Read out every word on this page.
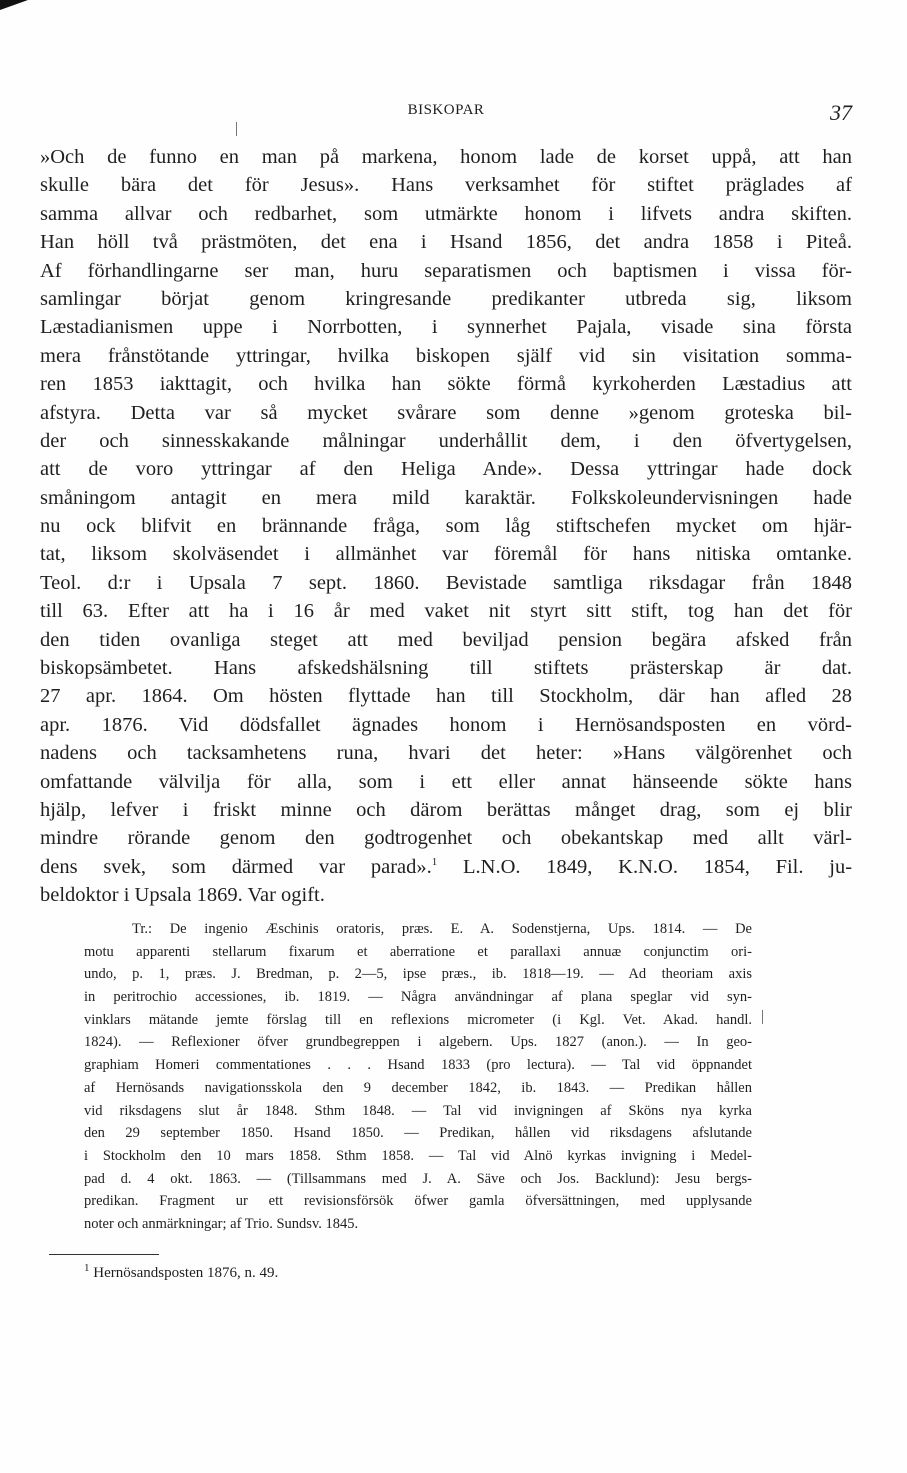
BISKOPAR	37
»Och de funno en man på markena, honom lade de korset uppå, att han
skulle bära det för Jesus». Hans verksamhet för stiftet präglades af
samma allvar och redbarhet, som utmärkte honom i lifvets andra skiften.
Han höll två prästmöten, det ena i Hsand 1856, det andra 1858 i Piteå.
Af förhandlingarne ser man, huru separatismen och baptismen i vissa för-
samlingar börjat genom kringresande predikanter utbreda sig, liksom
Læstadianismen uppe i Norrbotten, i synnerhet Pajala, visade sina första
mera frånstötande yttringar, hvilka biskopen själf vid sin visitation somma-
ren 1853 iakttagit, och hvilka han sökte förmå kyrkoherden Læstadius att
afstyra. Detta var så mycket svårare som denne »genom groteska bil-
der och sinnesskakande målningar underhållit dem, i den öfvertygelsen,
att de voro yttringar af den Heliga Ande». Dessa yttringar hade dock
småningom antagit en mera mild karaktär. Folkskoleundervisningen hade
nu ock blifvit en brännande fråga, som låg stiftschefen mycket om hjär-
tat, liksom skolväsendet i allmänhet var föremål för hans nitiska omtanke.
Teol. d:r i Upsala 7 sept. 1860. Bevistade samtliga riksdagar från 1848
till 63. Efter att ha i 16 år med vaket nit styrt sitt stift, tog han det för
den tiden ovanliga steget att med beviljad pension begära afsked från
biskopsämbetet. Hans afskedshälsning till stiftets prästerskap är dat.
27 apr. 1864. Om hösten flyttade han till Stockholm, där han afled 28
apr. 1876. Vid dödsfallet ägnades honom i Hernösandsposten en vörd-
nadens och tacksamhetens runa, hvari det heter: »Hans välgörenhet och
omfattande välvilja för alla, som i ett eller annat hänseende sökte hans
hjälp, lefver i friskt minne och därom berättas månget drag, som ej blir
mindre rörande genom den godtrogenhet och obekantskap med allt värl-
dens svek, som därmed var parad».$^1$ L.N.O. 1849, K.N.O. 1854, Fil. ju-
beldoktor i Upsala 1869. Var ogift.
Tr.: De ingenio Æschinis oratoris, præs. E. A. Sodenstjerna, Ups. 1814. — De
motu apparenti stellarum fixarum et aberratione et parallaxi annuæ conjunctim ori-
undo, p. 1, præs. J. Bredman, p. 2—5, ipse præs., ib. 1818—19. — Ad theoriam axis
in peritrochio accessiones, ib. 1819. — Några användningar af plana speglar vid syn-
vinklars mätande jemte förslag till en reflexions micrometer (i Kgl. Vet. Akad. handl.
1824). — Reflexioner öfver grundbegreppen i algebern. Ups. 1827 (anon.). — In geo-
graphiam Homeri commentationes . . . Hsand 1833 (pro lectura). — Tal vid öppnandet
af Hernösands navigationsskola den 9 december 1842, ib. 1843. — Predikan hållen
vid riksdagens slut år 1848. Sthm 1848. — Tal vid invigningen af Sköns nya kyrka
den 29 september 1850. Hsand 1850. — Predikan, hållen vid riksdagens afslutande
i Stockholm den 10 mars 1858. Sthm 1858. — Tal vid Alnö kyrkas invigning i Medel-
pad d. 4 okt. 1863. — (Tillsammans med J. A. Säve och Jos. Backlund): Jesu bergs-
predikan. Fragment ur ett revisionsförsök öfwer gamla öfversättningen, med upplysande
noter och anmärkningar; af Trio. Sundsv. 1845.
$^1$ Hernösandsposten 1876, n. 49.
